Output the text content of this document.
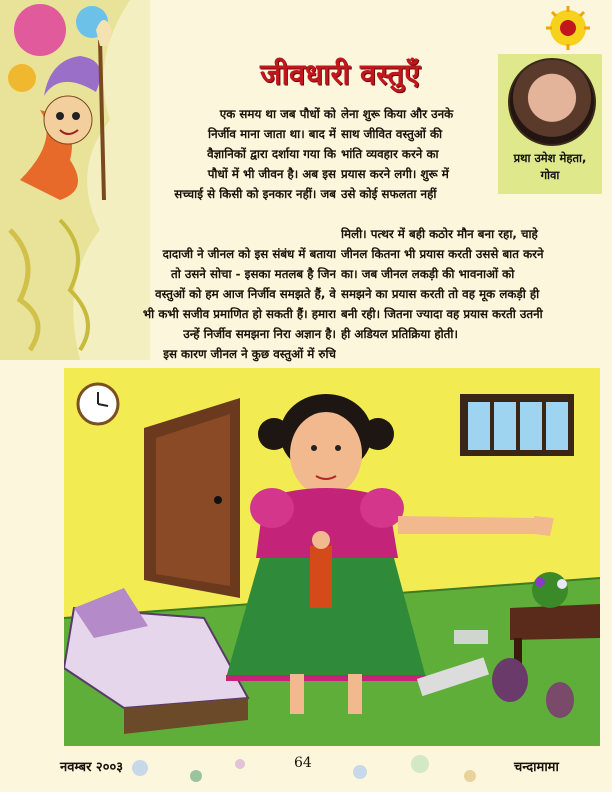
जीवधारी वस्तुएँ
प्रथा उमेश मेहता,
गोवा
एक समय था जब पौधों को
निर्जीव माना जाता था। बाद में
वैज्ञानिकों द्वारा दर्शाया गया कि
पौधों में भी जीवन है। अब इस
सच्चाई से किसी को इनकार नहीं। जब
लेना शुरू किया और उनके
साथ जीवित वस्तुओं की
भांति व्यवहार करने का
प्रयास करने लगी। शुरू में
उसे कोई सफलता नहीं
दादाजी ने जीनल को इस संबंध में बताया
तो उसने सोचा - इसका मतलब है जिन
वस्तुओं को हम आज निर्जीव समझते हैं, वे
भी कभी सजीव प्रमाणित हो सकती हैं। हमारा
उन्हें निर्जीव समझना निरा अज्ञान है।
इस कारण जीनल ने कुछ वस्तुओं में रुचि
मिली। पत्थर में बही कठोर मौन बना रहा, चाहे
जीनल कितना भी प्रयास करती उससे बात करने
का। जब जीनल लकड़ी की भावनाओं को
समझने का प्रयास करती तो वह मूक लकड़ी ही
बनी रही। जितना ज्यादा वह प्रयास करती उतनी
ही अडियल प्रतिक्रिया होती।
नवम्बर २००३	64	चन्दामामा
